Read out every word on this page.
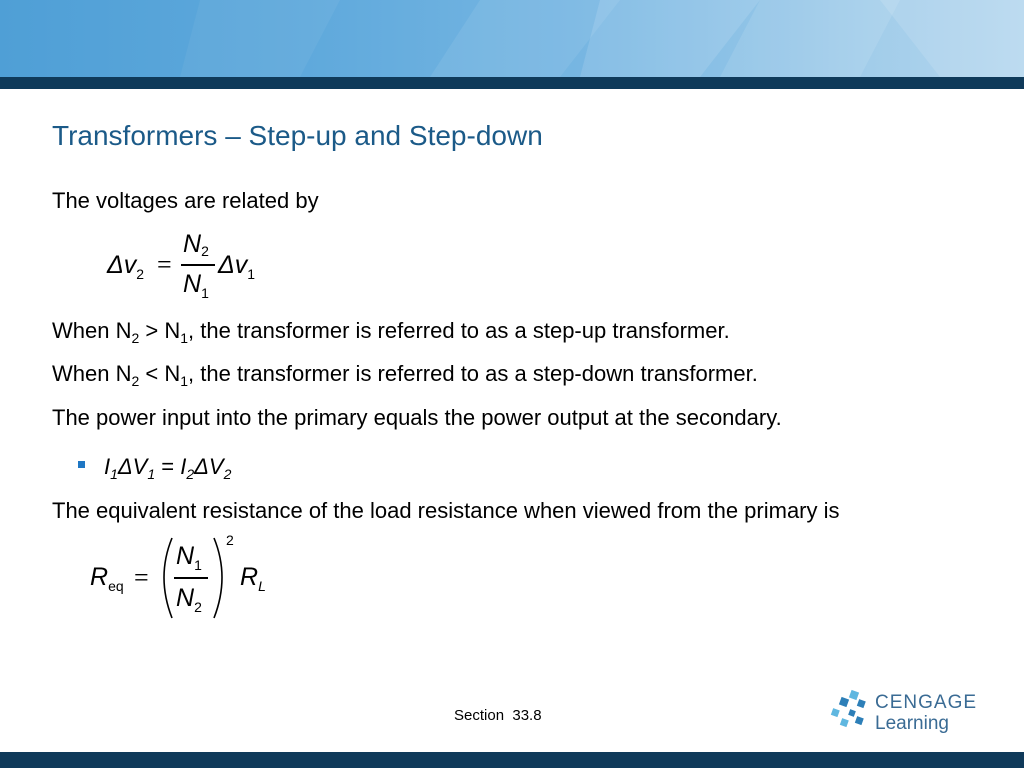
Transformers – Step-up and Step-down
The voltages are related by
$\Delta v_2$ =
N2
$N_1$
$\Delta v_1$
When $N_2 > N_1$, the transformer is referred to as a step-up transformer.
When $N_2 < N_1$, the transformer is referred to as a step-down transformer.
The power input into the primary equals the power output at the secondary.
$I_1\Delta V_1 = I_2\Delta V_2$
The equivalent resistance of the load resistance when viewed from the primary is
$R_{eq}$ =
$N_1$
$N_2$
2
$R_L$
Section  33.8
CENGAGE
Learning
